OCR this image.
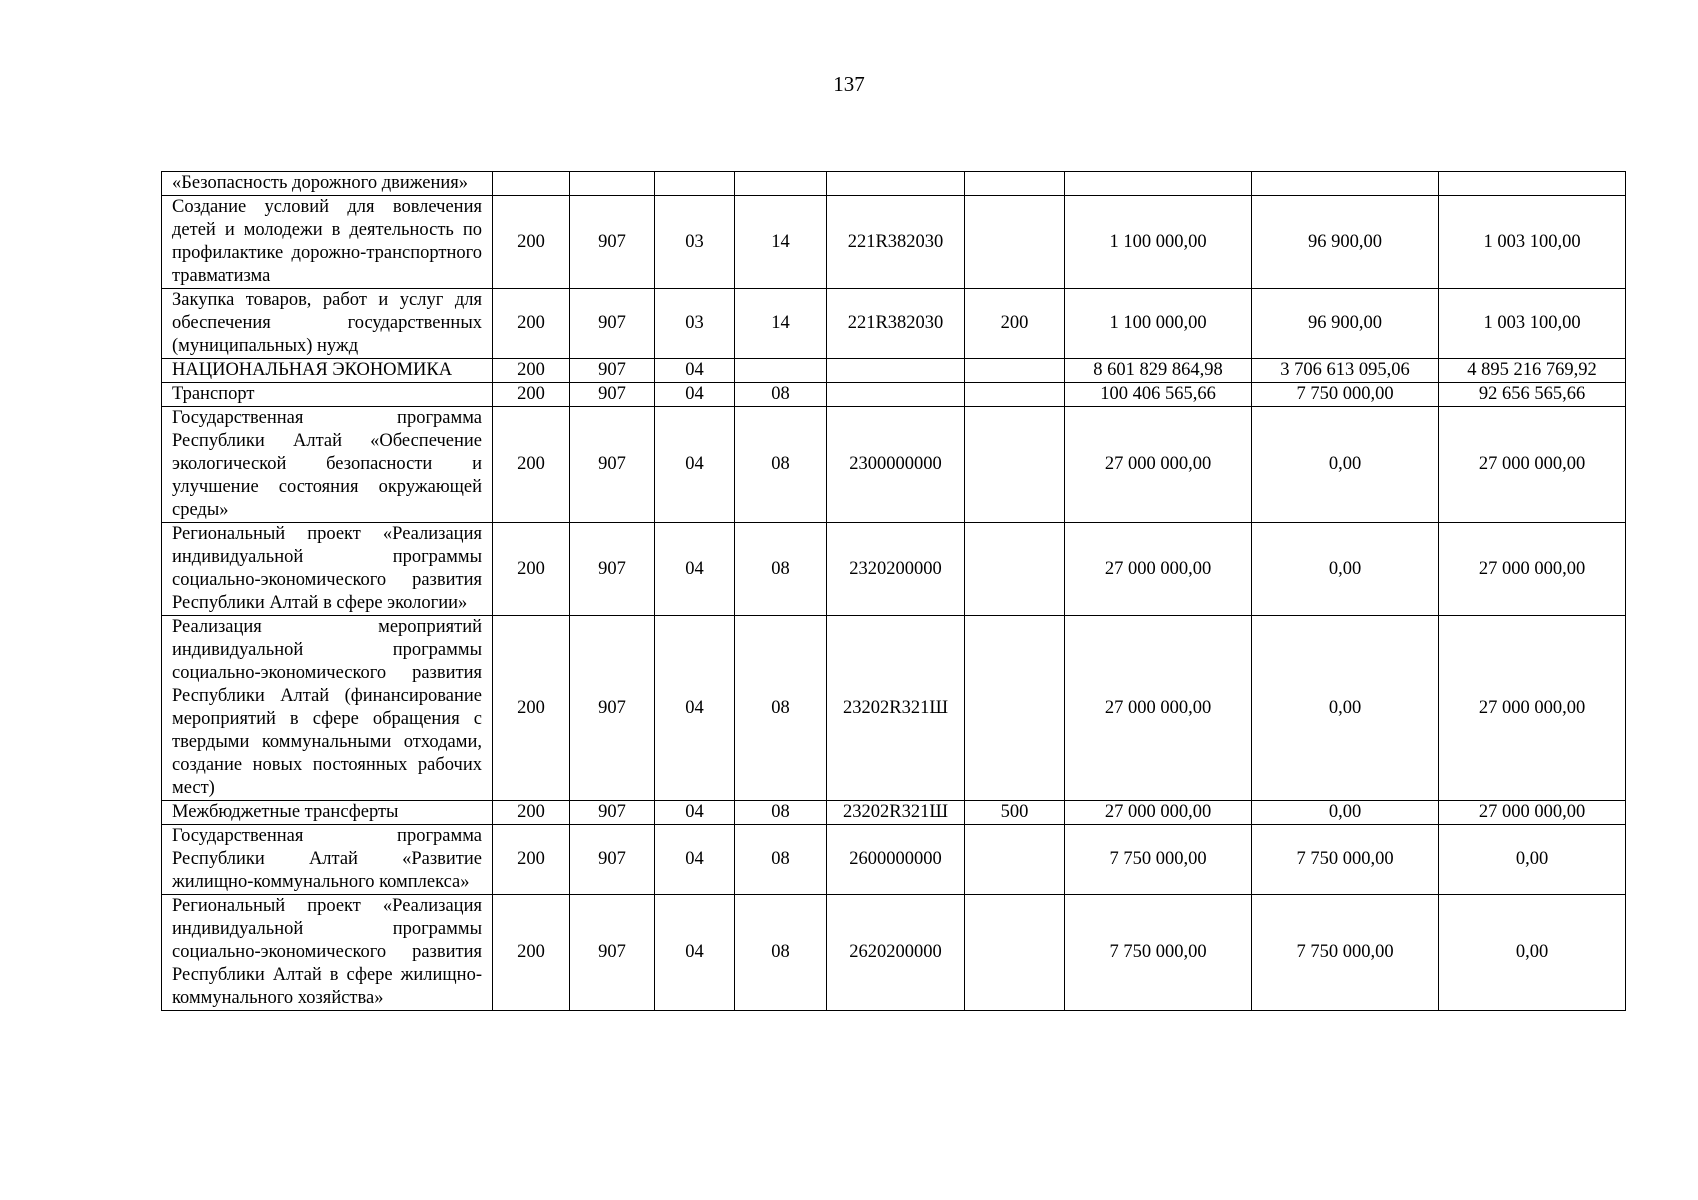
137
«Безопасность дорожного движения»									
Создание условий для вовлечения детей и молодежи в деятельность по профилактике дорожно-транспортного травматизма	200	907	03	14	221R382030		1 100 000,00	96 900,00	1 003 100,00
Закупка товаров, работ и услуг для обеспечения государственных (муниципальных) нужд	200	907	03	14	221R382030	200	1 100 000,00	96 900,00	1 003 100,00
НАЦИОНАЛЬНАЯ ЭКОНОМИКА	200	907	04				8 601 829 864,98	3 706 613 095,06	4 895 216 769,92
Транспорт	200	907	04	08			100 406 565,66	7 750 000,00	92 656 565,66
Государственная программа Республики Алтай «Обеспечение экологической безопасности и улучшение состояния окружающей среды»	200	907	04	08	2300000000		27 000 000,00	0,00	27 000 000,00
Региональный проект «Реализация индивидуальной программы социально-экономического развития Республики Алтай в сфере экологии»	200	907	04	08	2320200000		27 000 000,00	0,00	27 000 000,00
Реализация мероприятий индивидуальной программы социально-экономического развития Республики Алтай (финансирование мероприятий в сфере обращения с твердыми коммунальными отходами, создание новых постоянных рабочих мест)	200	907	04	08	23202R321Ш		27 000 000,00	0,00	27 000 000,00
Межбюджетные трансферты	200	907	04	08	23202R321Ш	500	27 000 000,00	0,00	27 000 000,00
Государственная программа Республики Алтай «Развитие жилищно-коммунального комплекса»	200	907	04	08	2600000000		7 750 000,00	7 750 000,00	0,00
Региональный проект «Реализация индивидуальной программы социально-экономического развития Республики Алтай в сфере жилищно-коммунального хозяйства»	200	907	04	08	2620200000		7 750 000,00	7 750 000,00	0,00
